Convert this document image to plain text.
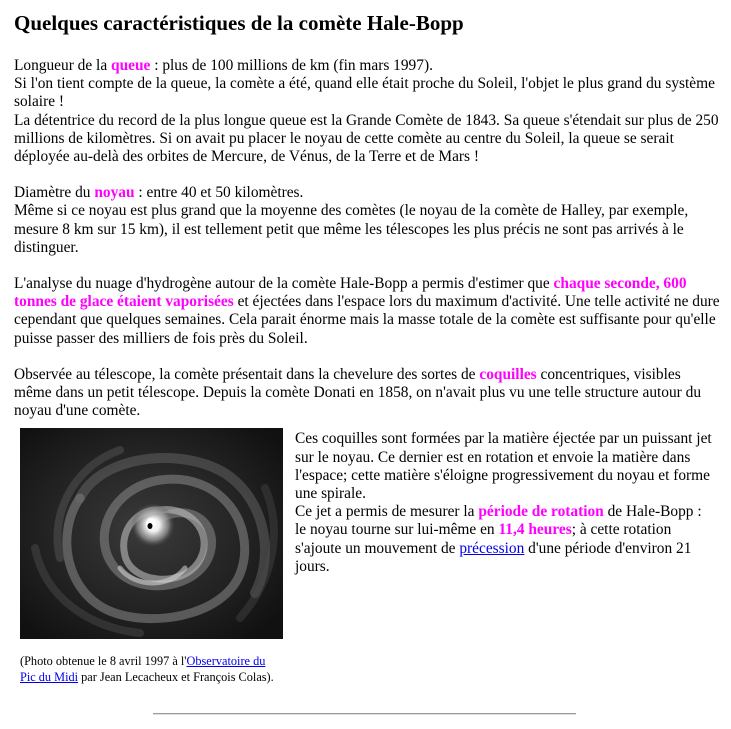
Quelques caractéristiques de la comète Hale-Bopp

Longueur de la queue : plus de 100 millions de km (fin mars 1997).
Si l'on tient compte de la queue, la comète a été, quand elle était proche du Soleil, l'objet le plus grand du système solaire !
La détentrice du record de la plus longue queue est la Grande Comète de 1843. Sa queue s'étendait sur plus de 250 millions de kilomètres. Si on avait pu placer le noyau de cette comète au centre du Soleil, la queue se serait déployée au-delà des orbites de Mercure, de Vénus, de la Terre et de Mars !

Diamètre du noyau : entre 40 et 50 kilomètres.
Même si ce noyau est plus grand que la moyenne des comètes (le noyau de la comète de Halley, par exemple, mesure 8 km sur 15 km), il est tellement petit que même les télescopes les plus précis ne sont pas arrivés à le distinguer.

L'analyse du nuage d'hydrogène autour de la comète Hale-Bopp a permis d'estimer que chaque seconde, 600 tonnes de glace étaient vaporisées et éjectées dans l'espace lors du maximum d'activité. Une telle activité ne dure cependant que quelques semaines. Cela parait énorme mais la masse totale de la comète est suffisante pour qu'elle puisse passer des milliers de fois près du Soleil.

Observée au télescope, la comète présentait dans la chevelure des sortes de coquilles concentriques, visibles même dans un petit télescope. Depuis la comète Donati en 1858, on n'avait plus vu une telle structure autour du noyau d'une comète.

(Photo obtenue le 8 avril 1997 à l'Observatoire du Pic du Midi par Jean Lecacheux et François Colas).

Ces coquilles sont formées par la matière éjectée par un puissant jet sur le noyau. Ce dernier est en rotation et envoie la matière dans l'espace; cette matière s'éloigne progressivement du noyau et forme une spirale.

Ce jet a permis de mesurer la période de rotation de Hale-Bopp : le noyau tourne sur lui-même en 11,4 heures; à cette rotation s'ajoute un mouvement de précession d'une période d'environ 21 jours.
